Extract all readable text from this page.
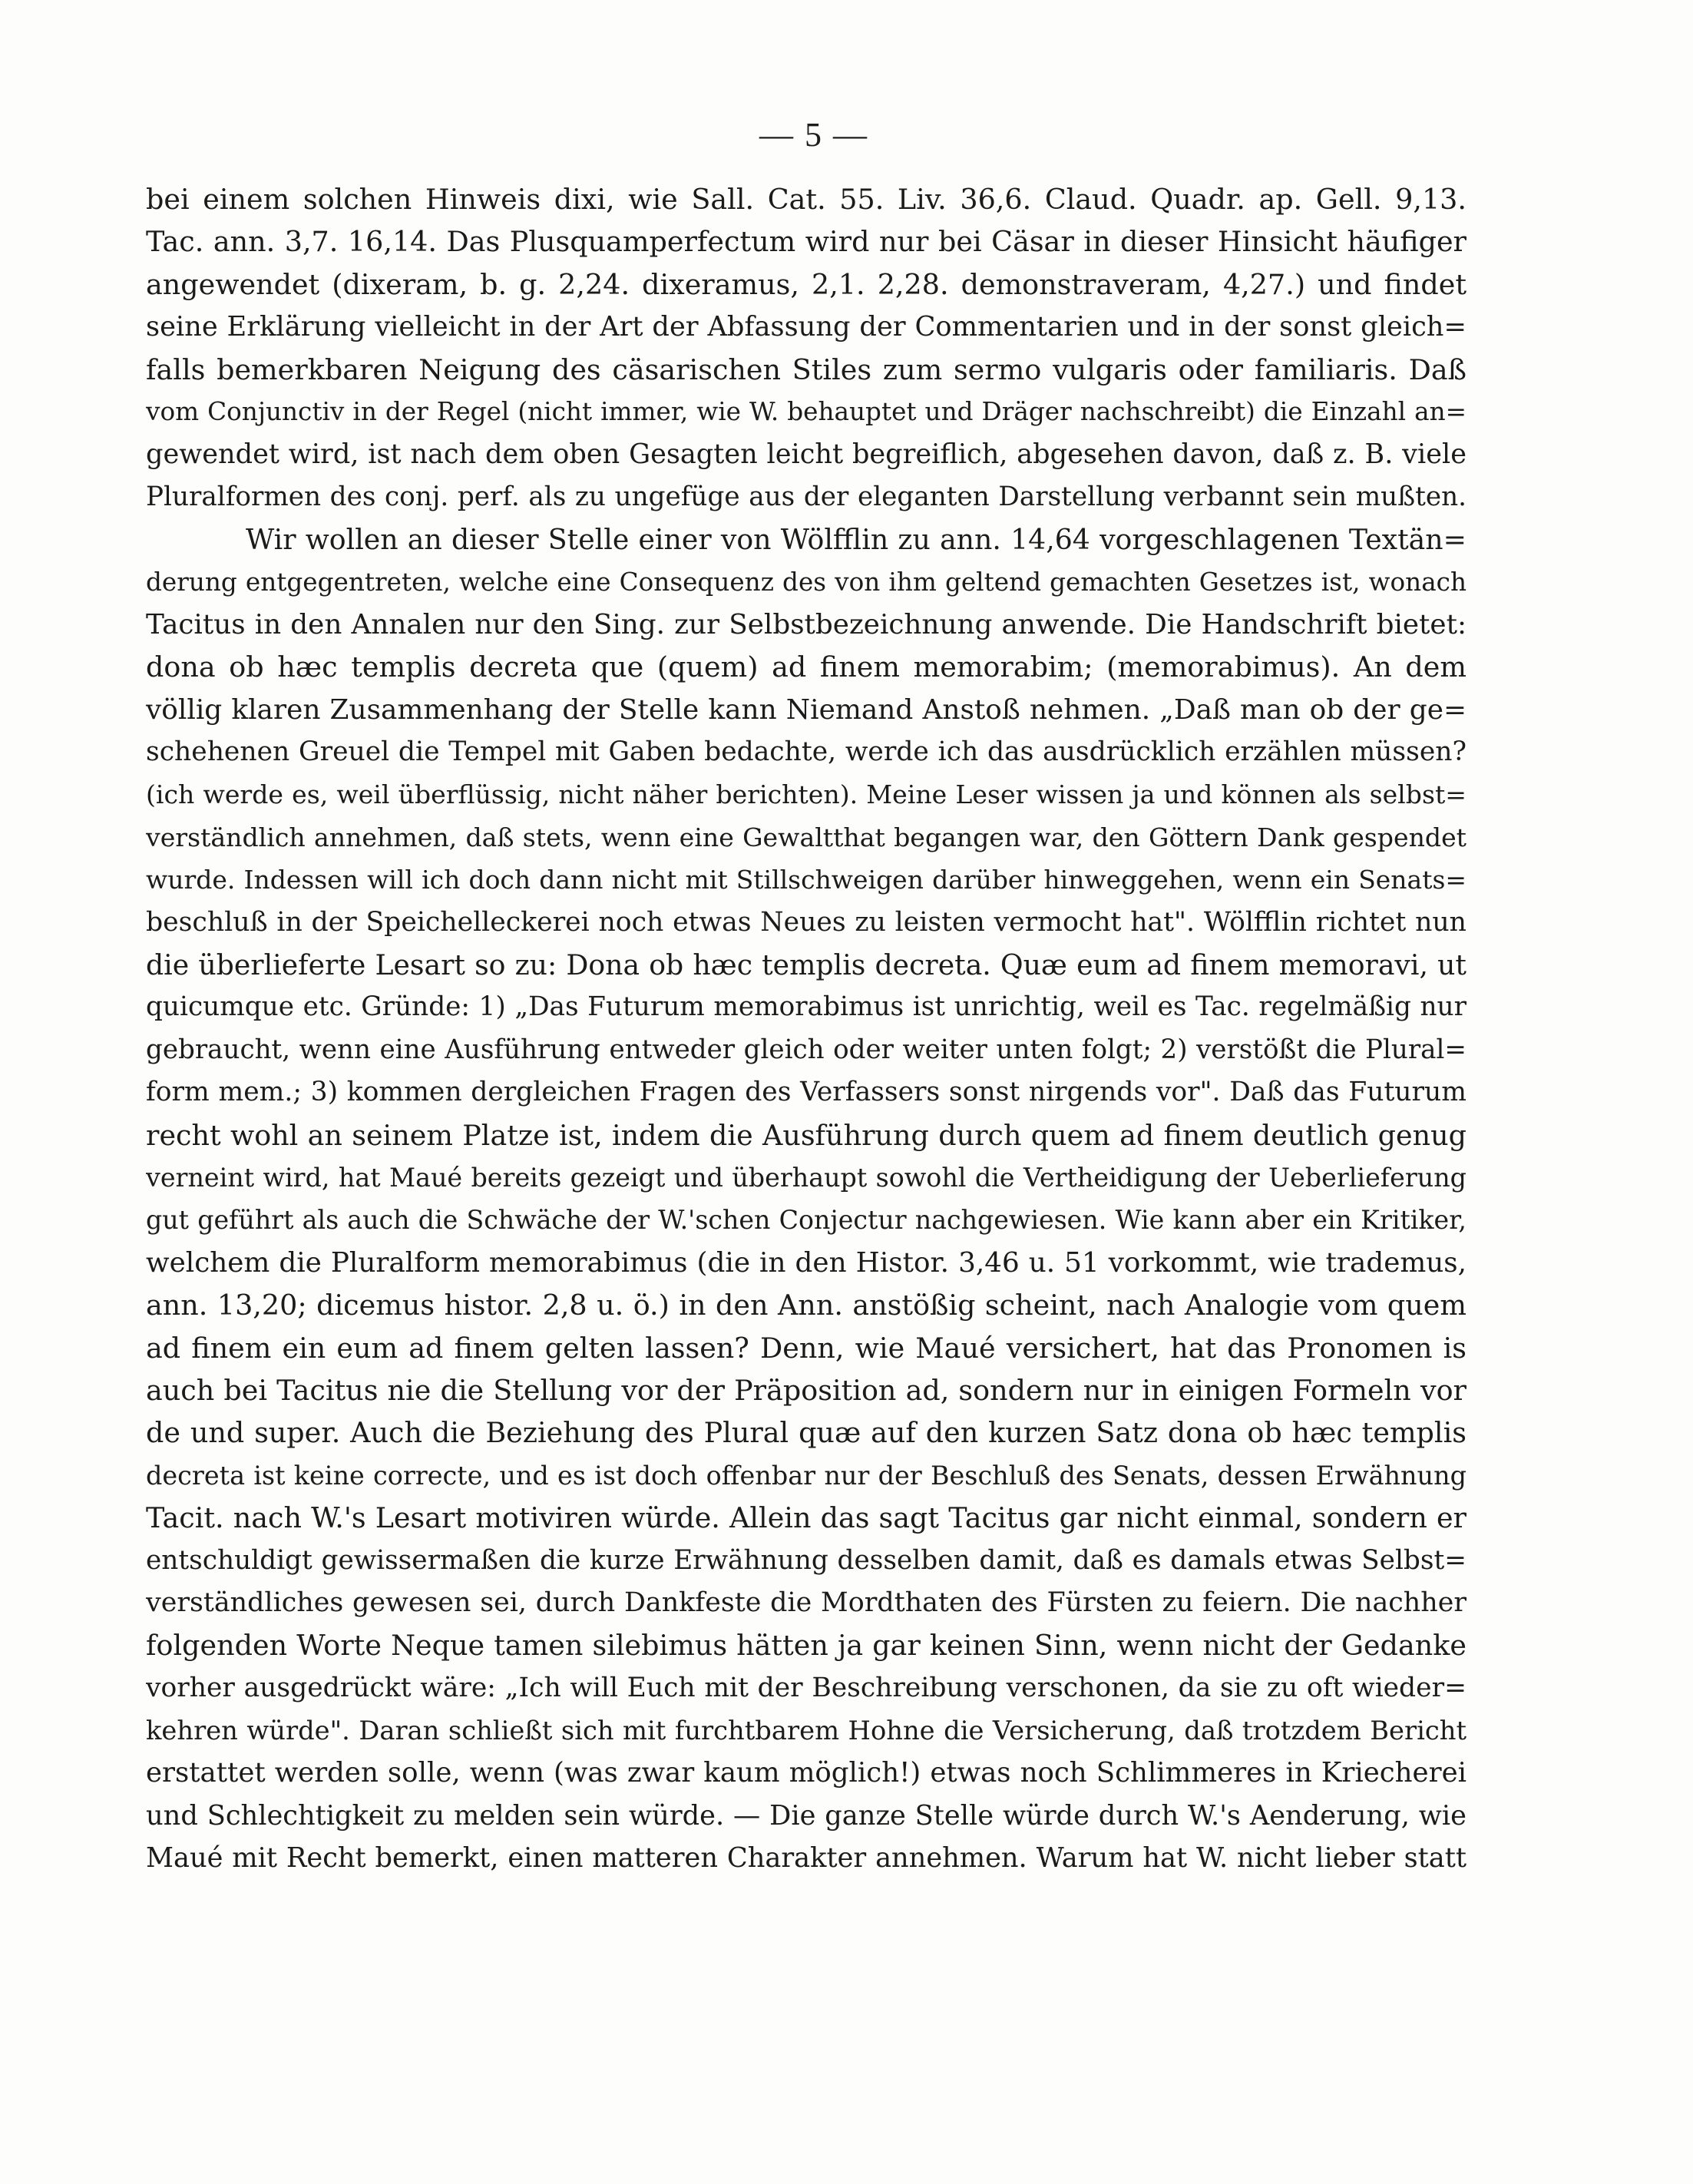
— 5 —
bei einem solchen Hinweis dixi, wie Sall. Cat. 55. Liv. 36,6. Claud. Quadr. ap. Gell. 9,13.
Tac. ann. 3,7. 16,14. Das Plusquamperfectum wird nur bei Cäsar in dieser Hinsicht häufiger
angewendet (dixeram, b. g. 2,24. dixeramus, 2,1. 2,28. demonstraveram, 4,27.) und findet
seine Erklärung vielleicht in der Art der Abfassung der Commentarien und in der sonst gleich=
falls bemerkbaren Neigung des cäsarischen Stiles zum sermo vulgaris oder familiaris. Daß
vom Conjunctiv in der Regel (nicht immer, wie W. behauptet und Dräger nachschreibt) die Einzahl an=
gewendet wird, ist nach dem oben Gesagten leicht begreiflich, abgesehen davon, daß z. B. viele
Pluralformen des conj. perf. als zu ungefüge aus der eleganten Darstellung verbannt sein mußten.
Wir wollen an dieser Stelle einer von Wölfflin zu ann. 14,64 vorgeschlagenen Textän=
derung entgegentreten, welche eine Consequenz des von ihm geltend gemachten Gesetzes ist, wonach
Tacitus in den Annalen nur den Sing. zur Selbstbezeichnung anwende. Die Handschrift bietet:
dona ob hæc templis decreta que (quem) ad finem memorabim; (memorabimus). An dem
völlig klaren Zusammenhang der Stelle kann Niemand Anstoß nehmen. „Daß man ob der ge=
schehenen Greuel die Tempel mit Gaben bedachte, werde ich das ausdrücklich erzählen müssen?
(ich werde es, weil überflüssig, nicht näher berichten). Meine Leser wissen ja und können als selbst=
verständlich annehmen, daß stets, wenn eine Gewaltthat begangen war, den Göttern Dank gespendet
wurde. Indessen will ich doch dann nicht mit Stillschweigen darüber hinweggehen, wenn ein Senats=
beschluß in der Speichelleckerei noch etwas Neues zu leisten vermocht hat". Wölfflin richtet nun
die überlieferte Lesart so zu: Dona ob hæc templis decreta. Quæ eum ad finem memoravi, ut
quicumque etc. Gründe: 1) „Das Futurum memorabimus ist unrichtig, weil es Tac. regelmäßig nur
gebraucht, wenn eine Ausführung entweder gleich oder weiter unten folgt; 2) verstößt die Plural=
form mem.; 3) kommen dergleichen Fragen des Verfassers sonst nirgends vor". Daß das Futurum
recht wohl an seinem Platze ist, indem die Ausführung durch quem ad finem deutlich genug
verneint wird, hat Maué bereits gezeigt und überhaupt sowohl die Vertheidigung der Ueberlieferung
gut geführt als auch die Schwäche der W.'schen Conjectur nachgewiesen. Wie kann aber ein Kritiker,
welchem die Pluralform memorabimus (die in den Histor. 3,46 u. 51 vorkommt, wie trademus,
ann. 13,20; dicemus histor. 2,8 u. ö.) in den Ann. anstößig scheint, nach Analogie vom quem
ad finem ein eum ad finem gelten lassen? Denn, wie Maué versichert, hat das Pronomen is
auch bei Tacitus nie die Stellung vor der Präposition ad, sondern nur in einigen Formeln vor
de und super. Auch die Beziehung des Plural quæ auf den kurzen Satz dona ob hæc templis
decreta ist keine correcte, und es ist doch offenbar nur der Beschluß des Senats, dessen Erwähnung
Tacit. nach W.'s Lesart motiviren würde. Allein das sagt Tacitus gar nicht einmal, sondern er
entschuldigt gewissermaßen die kurze Erwähnung desselben damit, daß es damals etwas Selbst=
verständliches gewesen sei, durch Dankfeste die Mordthaten des Fürsten zu feiern. Die nachher
folgenden Worte Neque tamen silebimus hätten ja gar keinen Sinn, wenn nicht der Gedanke
vorher ausgedrückt wäre: „Ich will Euch mit der Beschreibung verschonen, da sie zu oft wieder=
kehren würde". Daran schließt sich mit furchtbarem Hohne die Versicherung, daß trotzdem Bericht
erstattet werden solle, wenn (was zwar kaum möglich!) etwas noch Schlimmeres in Kriecherei
und Schlechtigkeit zu melden sein würde. — Die ganze Stelle würde durch W.'s Aenderung, wie
Maué mit Recht bemerkt, einen matteren Charakter annehmen. Warum hat W. nicht lieber statt
